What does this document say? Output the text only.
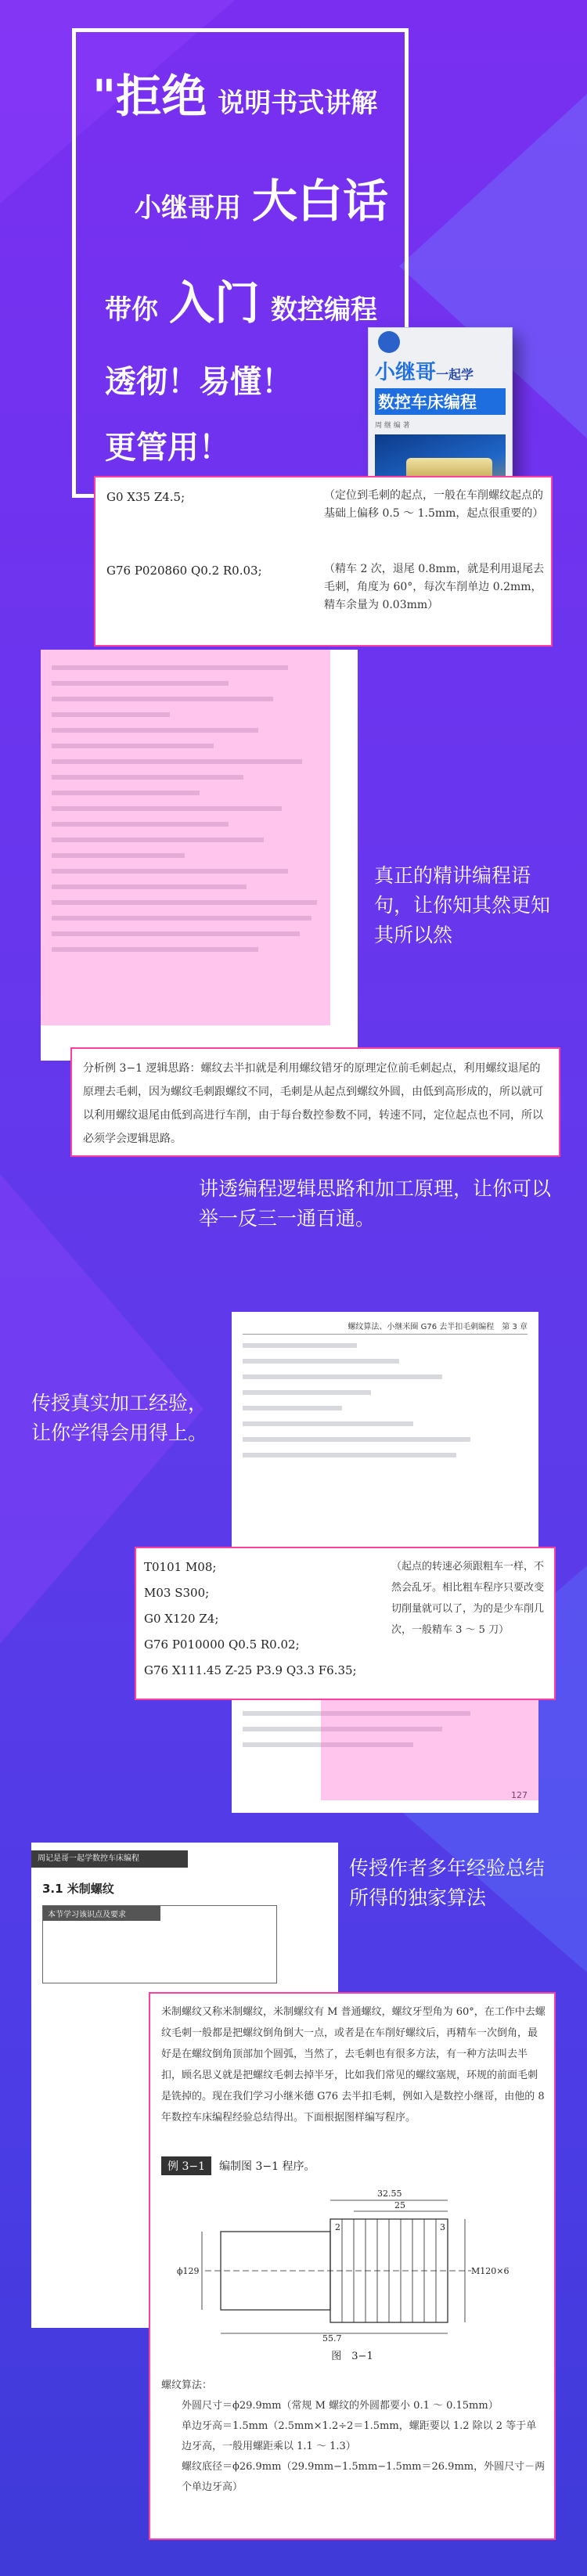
"拒绝 说明书式讲解
小继哥用 大白话
带你 入门 数控编程
透彻！易懂！
更管用！
小继哥一起学
数控车床编程
周 继 编 著
G0 X35 Z4.5;	（定位到毛刺的起点，一般在车削螺纹起点的基础上偏移 0.5 ～ 1.5mm，起点很重要的）
G76 P020860 Q0.2 R0.03;	（精车 2 次，退尾 0.8mm，就是利用退尾去毛刺，角度为 60°，每次车削单边 0.2mm，精车余量为 0.03mm）
真正的精讲编程语句，让你知其然更知其所以然
分析例 3−1 逻辑思路：螺纹去半扣就是利用螺纹错牙的原理定位前毛刺起点，利用螺纹退尾的原理去毛刺，因为螺纹毛刺跟螺纹不同，毛刺是从起点到螺纹外圆，由低到高形成的，所以就可以利用螺纹退尾由低到高进行车削，由于每台数控参数不同，转速不同，定位起点也不同，所以必须学会逻辑思路。
讲透编程逻辑思路和加工原理，让你可以举一反三一通百通。
螺纹算法、小继米圈 G76 去半扣毛刺编程 第 3 章
127
传授真实加工经验，让你学得会用得上。
T0101 M08;
M03 S300;
G0 X120 Z4;
G76 P010000 Q0.5 R0.02;
G76 X111.45 Z-25 P3.9 Q3.3 F6.35;
（起点的转速必须跟粗车一样，不然会乱牙。相比粗车程序只要改变切削量就可以了，为的是少车削几次，一般精车 3 ～ 5 刀）
传授作者多年经验总结所得的独家算法
周记是哥一起学数控车床编程
3.1 米制螺纹
本节学习该识点及要求
米制螺纹又称米制螺纹，米制螺纹有 M 普通螺纹，螺纹牙型角为 60°，在工作中去螺纹毛刺一般都是把螺纹倒角倒大一点，或者是在车削好螺纹后，再精车一次倒角，最好是在螺纹倒角顶部加个圆弧，当然了，去毛刺也有很多方法，有一种方法叫去半扣，顾名思义就是把螺纹毛刺去掉半牙，比如我们常见的螺纹塞规，环规的前面毛刺是铣掉的。现在我们学习小继米德 G76 去半扣毛刺，例如入是数控小继哥，由他的 8 年数控车床编程经验总结得出。下面根据图样编写程序。
例 3−1	编制图 3−1 程序。
32.55
25
55.7
ϕ129	M120×6
2	3
图　3−1
螺纹算法：
外圆尺寸＝ϕ29.9mm（常规 M 螺纹的外圆都要小 0.1 ～ 0.15mm）
单边牙高＝1.5mm（2.5mm×1.2÷2＝1.5mm，螺距要以 1.2 除以 2 等于单边牙高，一般用螺距乘以 1.1 ～ 1.3）
螺纹底径＝ϕ26.9mm（29.9mm−1.5mm−1.5mm＝26.9mm，外圆尺寸－两个单边牙高）
